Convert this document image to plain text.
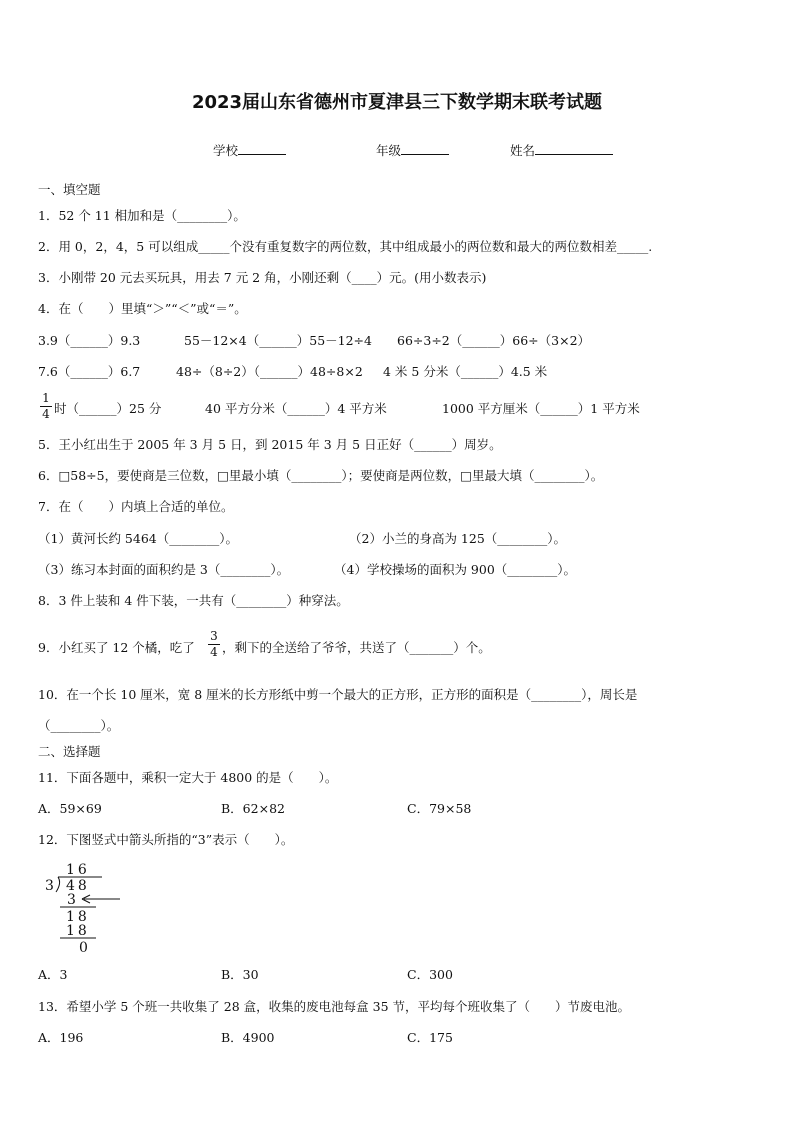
2023届山东省德州市夏津县三下数学期末联考试题
学校	年级	姓名
一、填空题
1．52 个 11 相加和是（________）。
2．用 0，2，4，5 可以组成_____个没有重复数字的两位数，其中组成最小的两位数和最大的两位数相差_____.
3．小刚带 20 元去买玩具，用去 7 元 2 角，小刚还剩（____）元。(用小数表示)
4．在（　　）里填“＞”“＜”或“＝”。
3.9（______）9.3	55－12×4（______）55－12÷4 66÷3÷2（______）66÷（3×2）
7.6（______）6.7	48÷（8÷2）（______）48÷8×2 4 米 5 分米（______）4.5 米
1
4 时（______）25 分	40 平方分米（______）4 平方米	1000 平方厘米（______）1 平方米
5．王小红出生于 2005 年 3 月 5 日，到 2015 年 3 月 5 日正好（______）周岁。
6．□58÷5，要使商是三位数，□里最小填（________）；要使商是两位数，□里最大填（________）。
7．在（　　）内填上合适的单位。
（1）黄河长约 5464（________）。	（2）小兰的身高为 125（________）。
（3）练习本封面的面积约是 3（________）。	（4）学校操场的面积为 900（________）。
8．3 件上装和 4 件下装，一共有（________）种穿法。
9．小红买了 12 个橘，吃了
3
4 ，剩下的全送给了爷爷，共送了（_______）个。
10．在一个长 10 厘米，宽 8 厘米的长方形纸中剪一个最大的正方形，正方形的面积是（________），周长是
（________）。
二、选择题
11．下面各题中，乘积一定大于 4800 的是（　　）。
A．59×69	B．62×82	C．79×58
12．下图竖式中箭头所指的“3”表示（　　）。
16
3 48
3
18
18
0
A．3	B．30	C．300
13．希望小学 5 个班一共收集了 28 盒，收集的废电池每盒 35 节，平均每个班收集了（　　）节废电池。
A．196	B．4900	C．175
